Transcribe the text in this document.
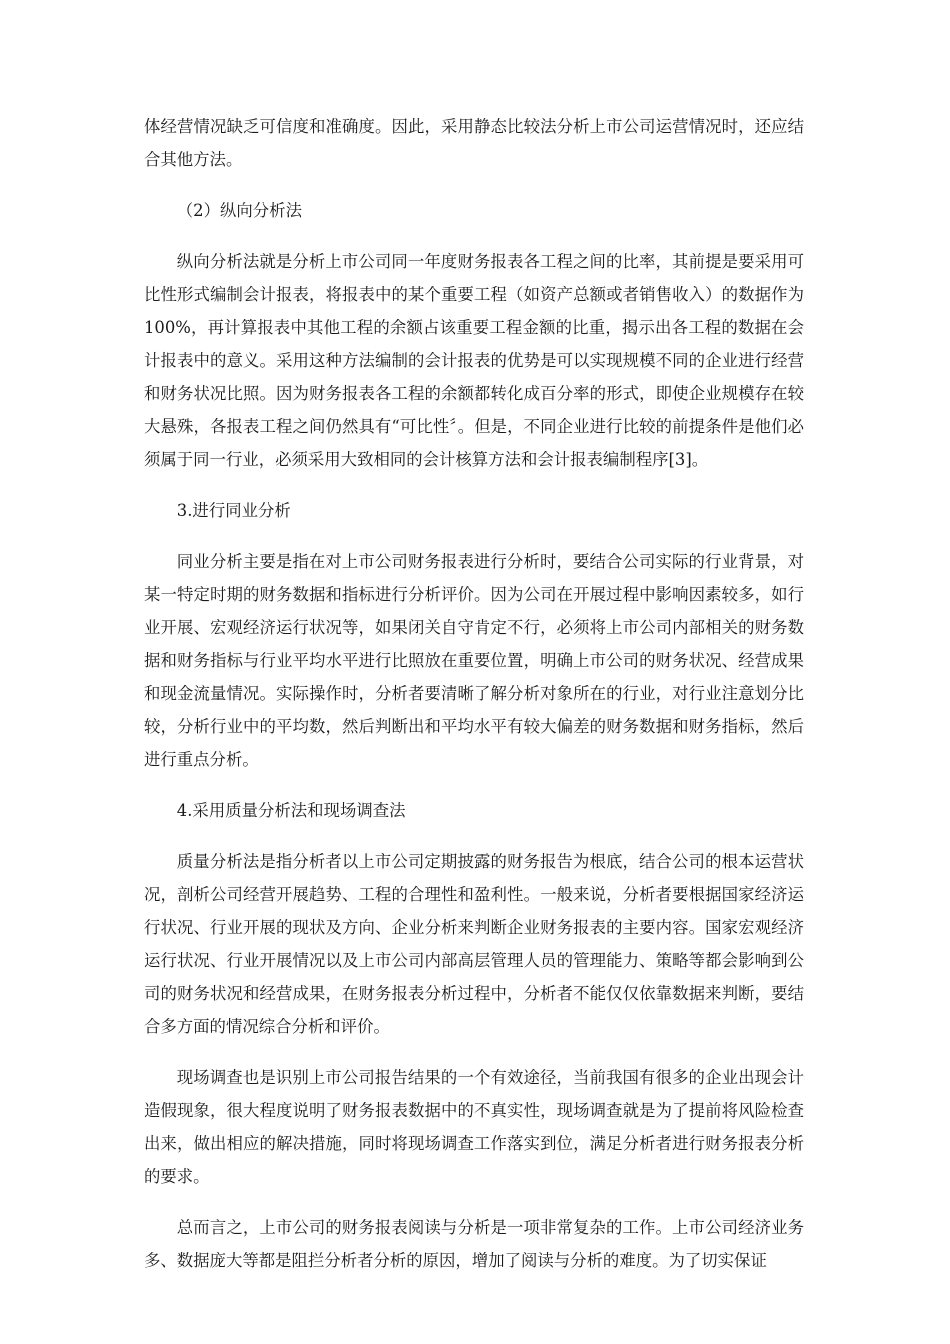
体经营情况缺乏可信度和准确度。因此，采用静态比较法分析上市公司运营情况时，还应结合其他方法。

（2）纵向分析法

纵向分析法就是分析上市公司同一年度财务报表各工程之间的比率，其前提是要采用可比性形式编制会计报表，将报表中的某个重要工程（如资产总额或者销售收入）的数据作为100%，再计算报表中其他工程的余额占该重要工程金额的比重，揭示出各工程的数据在会计报表中的意义。采用这种方法编制的会计报表的优势是可以实现规模不同的企业进行经营和财务状况比照。因为财务报表各工程的余额都转化成百分率的形式，即使企业规模存在较大悬殊，各报表工程之间仍然具有“可比性〞。但是，不同企业进行比较的前提条件是他们必须属于同一行业，必须采用大致相同的会计核算方法和会计报表编制程序[3]。

3.进行同业分析

同业分析主要是指在对上市公司财务报表进行分析时，要结合公司实际的行业背景，对某一特定时期的财务数据和指标进行分析评价。因为公司在开展过程中影响因素较多，如行业开展、宏观经济运行状况等，如果闭关自守肯定不行，必须将上市公司内部相关的财务数据和财务指标与行业平均水平进行比照放在重要位置，明确上市公司的财务状况、经营成果和现金流量情况。实际操作时，分析者要清晰了解分析对象所在的行业，对行业注意划分比较，分析行业中的平均数，然后判断出和平均水平有较大偏差的财务数据和财务指标，然后进行重点分析。

4.采用质量分析法和现场调查法

质量分析法是指分析者以上市公司定期披露的财务报告为根底，结合公司的根本运营状况，剖析公司经营开展趋势、工程的合理性和盈利性。一般来说，分析者要根据国家经济运行状况、行业开展的现状及方向、企业分析来判断企业财务报表的主要内容。国家宏观经济运行状况、行业开展情况以及上市公司内部高层管理人员的管理能力、策略等都会影响到公司的财务状况和经营成果，在财务报表分析过程中，分析者不能仅仅依靠数据来判断，要结合多方面的情况综合分析和评价。

现场调查也是识别上市公司报告结果的一个有效途径，当前我国有很多的企业出现会计造假现象，很大程度说明了财务报表数据中的不真实性，现场调查就是为了提前将风险检查出来，做出相应的解决措施，同时将现场调查工作落实到位，满足分析者进行财务报表分析的要求。

总而言之，上市公司的财务报表阅读与分析是一项非常复杂的工作。上市公司经济业务多、数据庞大等都是阻拦分析者分析的原因，增加了阅读与分析的难度。为了切实保证
